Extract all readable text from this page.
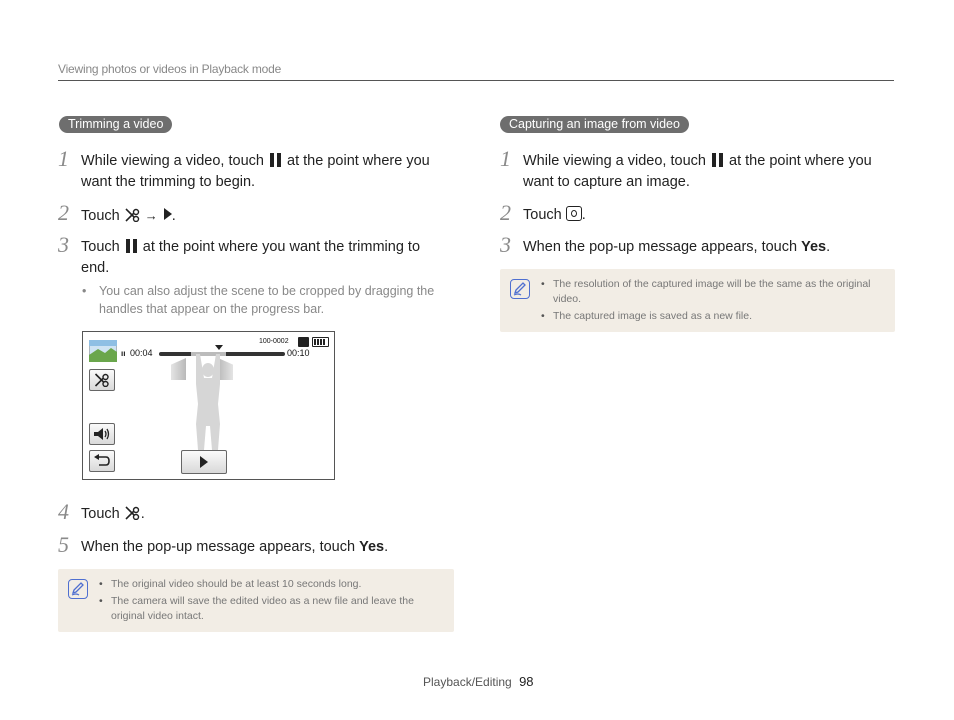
Viewing photos or videos in Playback mode
Trimming a video
1 While viewing a video, touch at the point where you
want the trimming to begin.
2 Touch → .
3 Touch at the point where you want the trimming to
end.
• You can also adjust the scene to be cropped by dragging the
handles that appear on the progress bar.
ıı 00:04
100-0002
00:10
4 Touch .
5 When the pop-up message appears, touch Yes.
• The original video should be at least 10 seconds long.
• The camera will save the edited video as a new file and leave the
original video intact.
Capturing an image from video
1 While viewing a video, touch at the point where you
want to capture an image.
2 Touch .
3 When the pop-up message appears, touch Yes.
• The resolution of the captured image will be the same as the original
video.
• The captured image is saved as a new file.
Playback/Editing 98
